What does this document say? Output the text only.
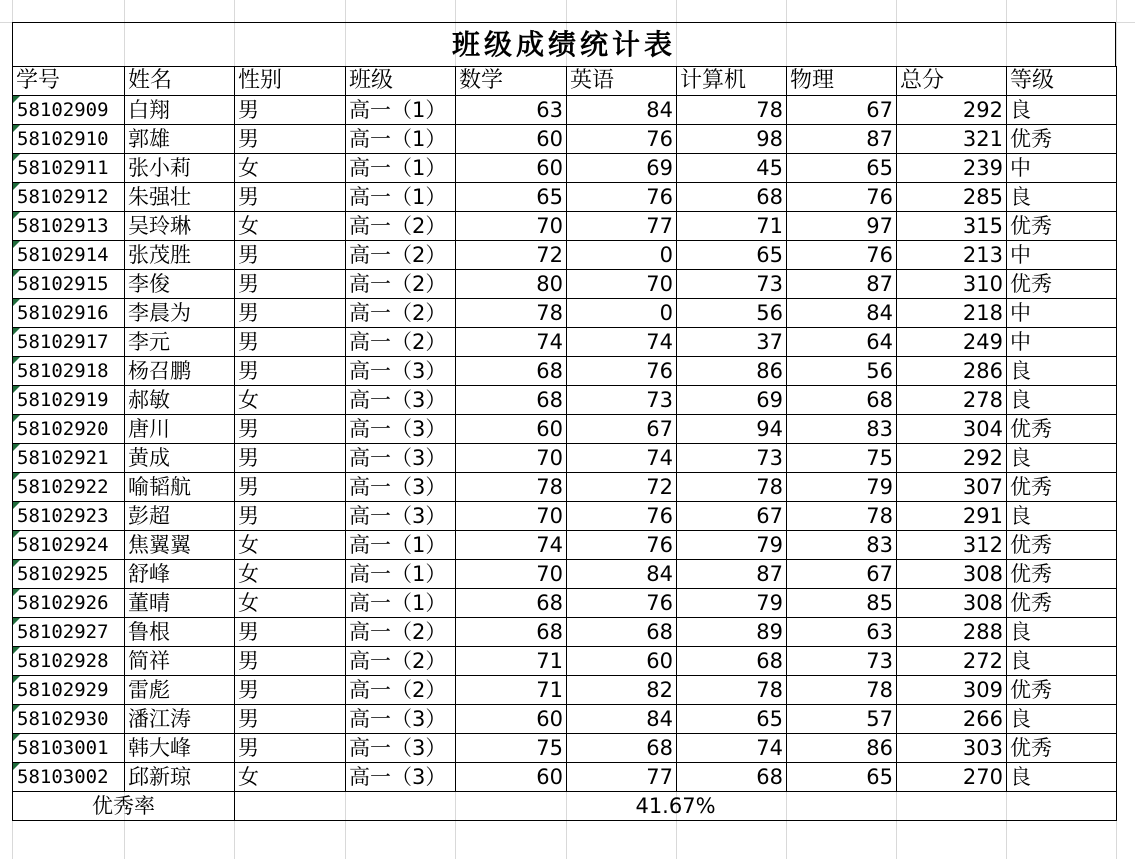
班级成绩统计表
学号	姓名	性别	班级	数学	英语	计算机	物理	总分	等级
58102909	白翔	男	高一（1）	63	84	78	67	292	良
58102910	郭雄	男	高一（1）	60	76	98	87	321	优秀
58102911	张小莉	女	高一（1）	60	69	45	65	239	中
58102912	朱强壮	男	高一（1）	65	76	68	76	285	良
58102913	吴玲琳	女	高一（2）	70	77	71	97	315	优秀
58102914	张茂胜	男	高一（2）	72	0	65	76	213	中
58102915	李俊	男	高一（2）	80	70	73	87	310	优秀
58102916	李晨为	男	高一（2）	78	0	56	84	218	中
58102917	李元	男	高一（2）	74	74	37	64	249	中
58102918	杨召鹏	男	高一（3）	68	76	86	56	286	良
58102919	郝敏	女	高一（3）	68	73	69	68	278	良
58102920	唐川	男	高一（3）	60	67	94	83	304	优秀
58102921	黄成	男	高一（3）	70	74	73	75	292	良
58102922	喻韬航	男	高一（3）	78	72	78	79	307	优秀
58102923	彭超	男	高一（3）	70	76	67	78	291	良
58102924	焦翼翼	女	高一（1）	74	76	79	83	312	优秀
58102925	舒峰	女	高一（1）	70	84	87	67	308	优秀
58102926	董晴	女	高一（1）	68	76	79	85	308	优秀
58102927	鲁根	男	高一（2）	68	68	89	63	288	良
58102928	简祥	男	高一（2）	71	60	68	73	272	良
58102929	雷彪	男	高一（2）	71	82	78	78	309	优秀
58102930	潘江涛	男	高一（3）	60	84	65	57	266	良
58103001	韩大峰	男	高一（3）	75	68	74	86	303	优秀
58103002	邱新琼	女	高一（3）	60	77	68	65	270	良
优秀率		41.67%							
